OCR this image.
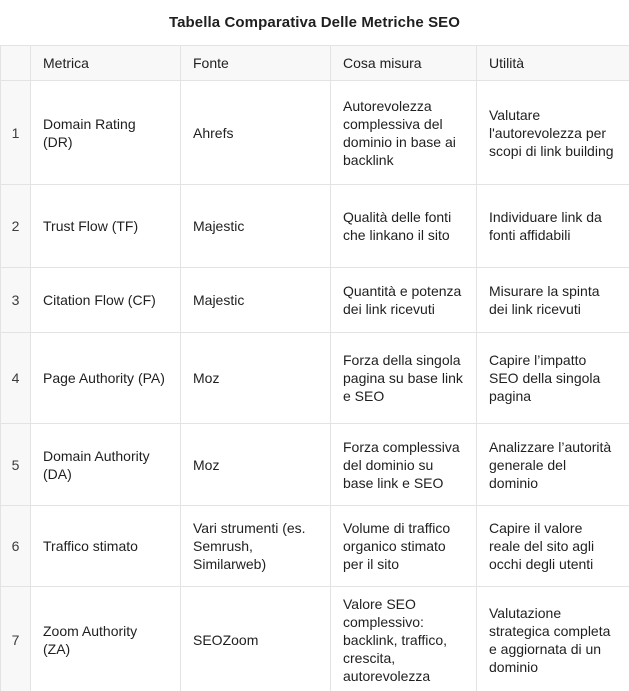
Tabella Comparativa Delle Metriche SEO
	Metrica	Fonte	Cosa misura	Utilità
1	Domain Rating (DR)	Ahrefs	Autorevolezza complessiva del dominio in base ai backlink	Valutare l'autorevolezza per scopi di link building
2	Trust Flow (TF)	Majestic	Qualità delle fonti che linkano il sito	Individuare link da fonti affidabili
3	Citation Flow (CF)	Majestic	Quantità e potenza dei link ricevuti	Misurare la spinta dei link ricevuti
4	Page Authority (PA)	Moz	Forza della singola pagina su base link e SEO	Capire l’impatto SEO della singola pagina
5	Domain Authority (DA)	Moz	Forza complessiva del dominio su base link e SEO	Analizzare l’autorità generale del dominio
6	Traffico stimato	Vari strumenti (es. Semrush, Similarweb)	Volume di traffico organico stimato per il sito	Capire il valore reale del sito agli occhi degli utenti
7	Zoom Authority (ZA)	SEOZoom	Valore SEO complessivo: backlink, traffico, crescita, autorevolezza	Valutazione strategica completa e aggiornata di un dominio
